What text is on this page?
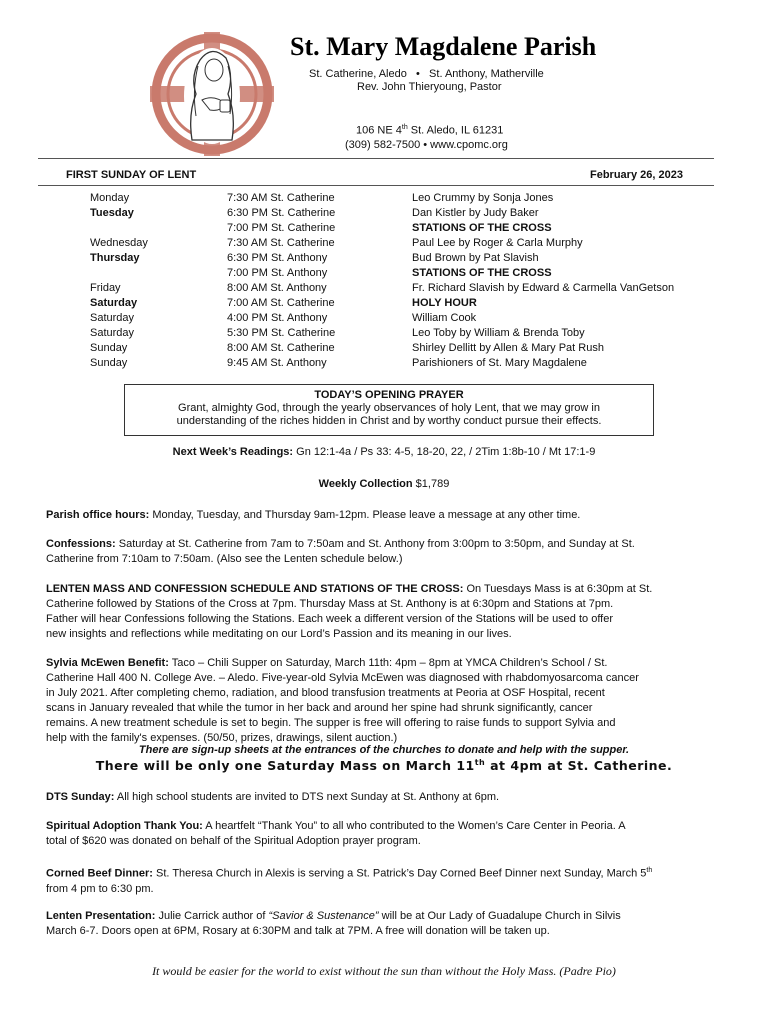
St. Mary Magdalene Parish
St. Catherine, Aledo • St. Anthony, Matherville
Rev. John Thieryoung, Pastor
106 NE 4th St. Aledo, IL 61231
(309) 582-7500 • www.cpomc.org
FIRST SUNDAY OF LENT	February 26, 2023
Monday	7:30 AM St. Catherine	Leo Crummy by Sonja Jones
Tuesday	6:30 PM St. Catherine	Dan Kistler by Judy Baker
7:00 PM St. Catherine	STATIONS OF THE CROSS
Wednesday	7:30 AM St. Catherine	Paul Lee by Roger & Carla Murphy
Thursday	6:30 PM St. Anthony	Bud Brown by Pat Slavish
7:00 PM St. Anthony	STATIONS OF THE CROSS
Friday	8:00 AM St. Anthony	Fr. Richard Slavish by Edward & Carmella VanGetson
Saturday	7:00 AM St. Catherine	HOLY HOUR
Saturday	4:00 PM St. Anthony	William Cook
Saturday	5:30 PM St. Catherine	Leo Toby by William & Brenda Toby
Sunday	8:00 AM St. Catherine	Shirley Dellitt by Allen & Mary Pat Rush
Sunday	9:45 AM St. Anthony	Parishioners of St. Mary Magdalene
TODAY’S OPENING PRAYER
Grant, almighty God, through the yearly observances of holy Lent, that we may grow in
understanding of the riches hidden in Christ and by worthy conduct pursue their effects.
Next Week’s Readings: Gn 12:1-4a / Ps 33: 4-5, 18-20, 22, / 2Tim 1:8b-10 / Mt 17:1-9
Weekly Collection $1,789
Parish office hours: Monday, Tuesday, and Thursday 9am-12pm. Please leave a message at any other time.
Confessions: Saturday at St. Catherine from 7am to 7:50am and St. Anthony from 3:00pm to 3:50pm, and Sunday at St.
Catherine from 7:10am to 7:50am. (Also see the Lenten schedule below.)
LENTEN MASS AND CONFESSION SCHEDULE AND STATIONS OF THE CROSS: On Tuesdays Mass is at 6:30pm at St.
Catherine followed by Stations of the Cross at 7pm. Thursday Mass at St. Anthony is at 6:30pm and Stations at 7pm.
Father will hear Confessions following the Stations. Each week a different version of the Stations will be used to offer
new insights and reflections while meditating on our Lord’s Passion and its meaning in our lives.
Sylvia McEwen Benefit: Taco – Chili Supper on Saturday, March 11th: 4pm – 8pm at YMCA Children’s School / St.
Catherine Hall 400 N. College Ave. – Aledo. Five-year-old Sylvia McEwen was diagnosed with rhabdomyosarcoma cancer
in July 2021. After completing chemo, radiation, and blood transfusion treatments at Peoria at OSF Hospital, recent
scans in January revealed that while the tumor in her back and around her spine had shrunk significantly, cancer
remains. A new treatment schedule is set to begin. The supper is free will offering to raise funds to support Sylvia and
help with the family's expenses. (50/50, prizes, drawings, silent auction.)
There are sign-up sheets at the entrances of the churches to donate and help with the supper.
There will be only one Saturday Mass on March 11th at 4pm at St. Catherine.
DTS Sunday: All high school students are invited to DTS next Sunday at St. Anthony at 6pm.
Spiritual Adoption Thank You: A heartfelt “Thank You” to all who contributed to the Women’s Care Center in Peoria. A
total of $620 was donated on behalf of the Spiritual Adoption prayer program.
Corned Beef Dinner: St. Theresa Church in Alexis is serving a St. Patrick’s Day Corned Beef Dinner next Sunday, March 5th
from 4 pm to 6:30 pm.
Lenten Presentation: Julie Carrick author of “Savior & Sustenance” will be at Our Lady of Guadalupe Church in Silvis
March 6-7. Doors open at 6PM, Rosary at 6:30PM and talk at 7PM. A free will donation will be taken up.
It would be easier for the world to exist without the sun than without the Holy Mass. (Padre Pio)
